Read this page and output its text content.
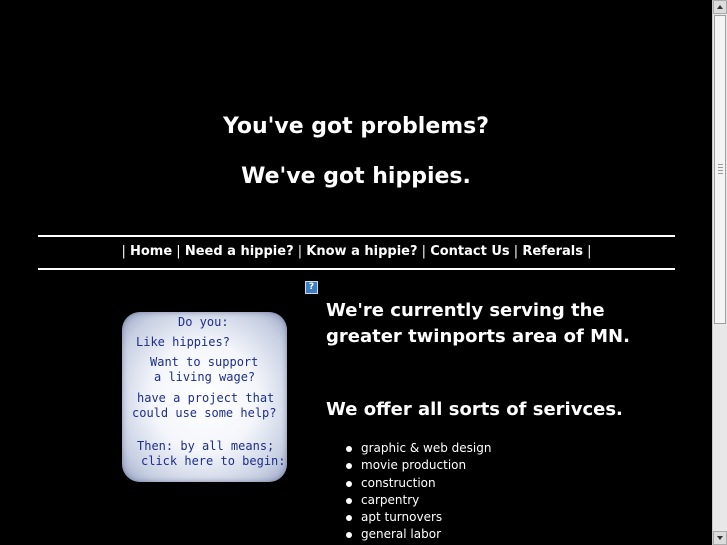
You've got problems?
We've got hippies.
| Home | Need a hippie? | Know a hippie? | Contact Us | Referals |
?
Do you:
Like hippies?
Want to support
a living wage?
have a project that
could use some help?
Then: by all means;
click here to begin:
We're currently serving the greater twinports area of MN.
We offer all sorts of serivces.
graphic & web design
movie production
construction
carpentry
apt turnovers
general labor
